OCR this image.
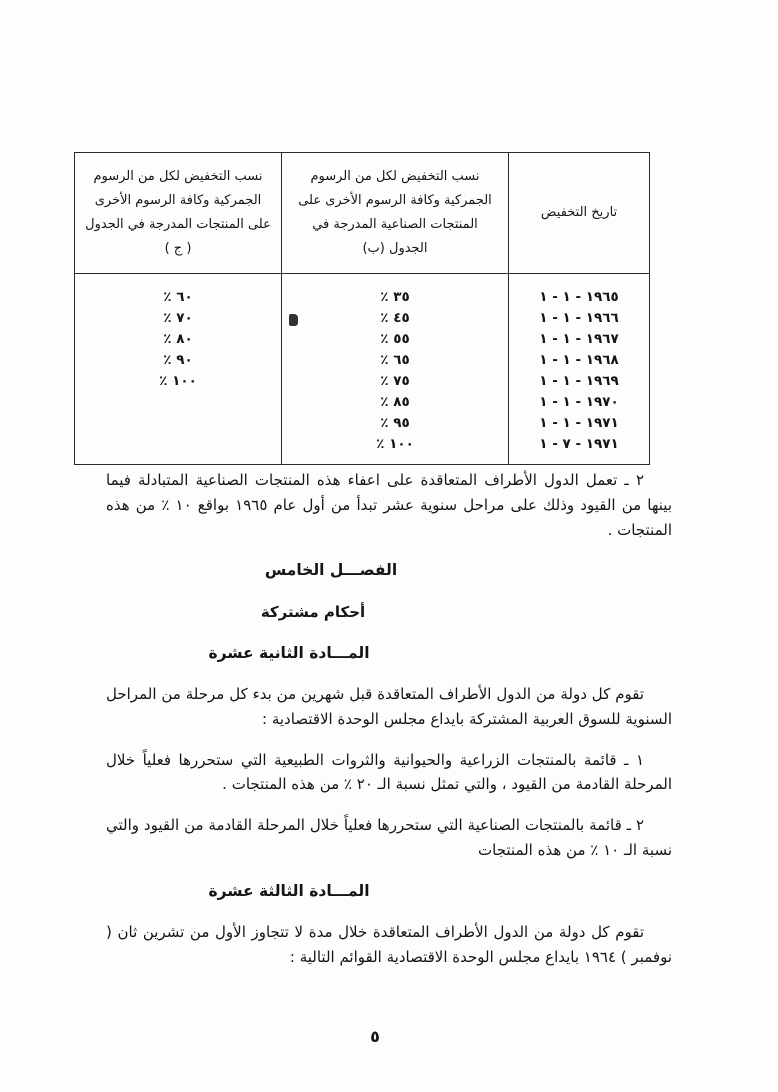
تاريخ التخفيض	نسب التخفيض لكل من الرسوم الجمركية وكافة الرسوم الأخرى على المنتجات الصناعية المدرجة في الجدول (ب)	نسب التخفيض لكل من الرسوم الجمركية وكافة الرسوم الأخرى على المنتجات المدرجة في الجدول ( ج )
١٩٦٥ - ١ - ١	٪ ٣٥	٪ ٦٠
١٩٦٦ - ١ - ١	٪ ٤٥	٪ ٧٠
١٩٦٧ - ١ - ١	٪ ٥٥	٪ ٨٠
١٩٦٨ - ١ - ١	٪ ٦٥	٪ ٩٠
١٩٦٩ - ١ - ١	٪ ٧٥	٪ ١٠٠
١٩٧٠ - ١ - ١	٪ ٨٥	
١٩٧١ - ١ - ١	٪ ٩٥	
١٩٧١ - ٧ - ١	٪ ١٠٠	

٢ ـ تعمل الدول الأطراف المتعاقدة على اعفاء هذه المنتجات الصناعية المتبادلة فيما بينها من القيود وذلك على مراحل سنوية عشر تبدأ من أول عام ١٩٦٥ بواقع ١٠ ٪ من هذه المنتجات .

الفصـــل الخامس

أحكام مشتركة

المـــادة الثانية عشرة

تقوم كل دولة من الدول الأطراف المتعاقدة قبل شهرين من بدء كل مرحلة من المراحل السنوية للسوق العربية المشتركة بايداع مجلس الوحدة الاقتصادية :

١ ـ قائمة بالمنتجات الزراعية والحيوانية والثروات الطبيعية التي ستحررها فعلياً خلال المرحلة القادمة من القيود ، والتي تمثل نسبة الـ ٢٠ ٪ من هذه المنتجات .

٢ ـ قائمة بالمنتجات الصناعية التي ستحررها فعلياً خلال المرحلة القادمة من القيود والتي نسبة الـ ١٠ ٪ من هذه المنتجات

المـــادة الثالثة عشرة

تقوم كل دولة من الدول الأطراف المتعاقدة خلال مدة لا تتجاوز الأول من تشرين ثان ( نوفمبر ) ١٩٦٤ بايداع مجلس الوحدة الاقتصادية القوائم التالية :

٥
